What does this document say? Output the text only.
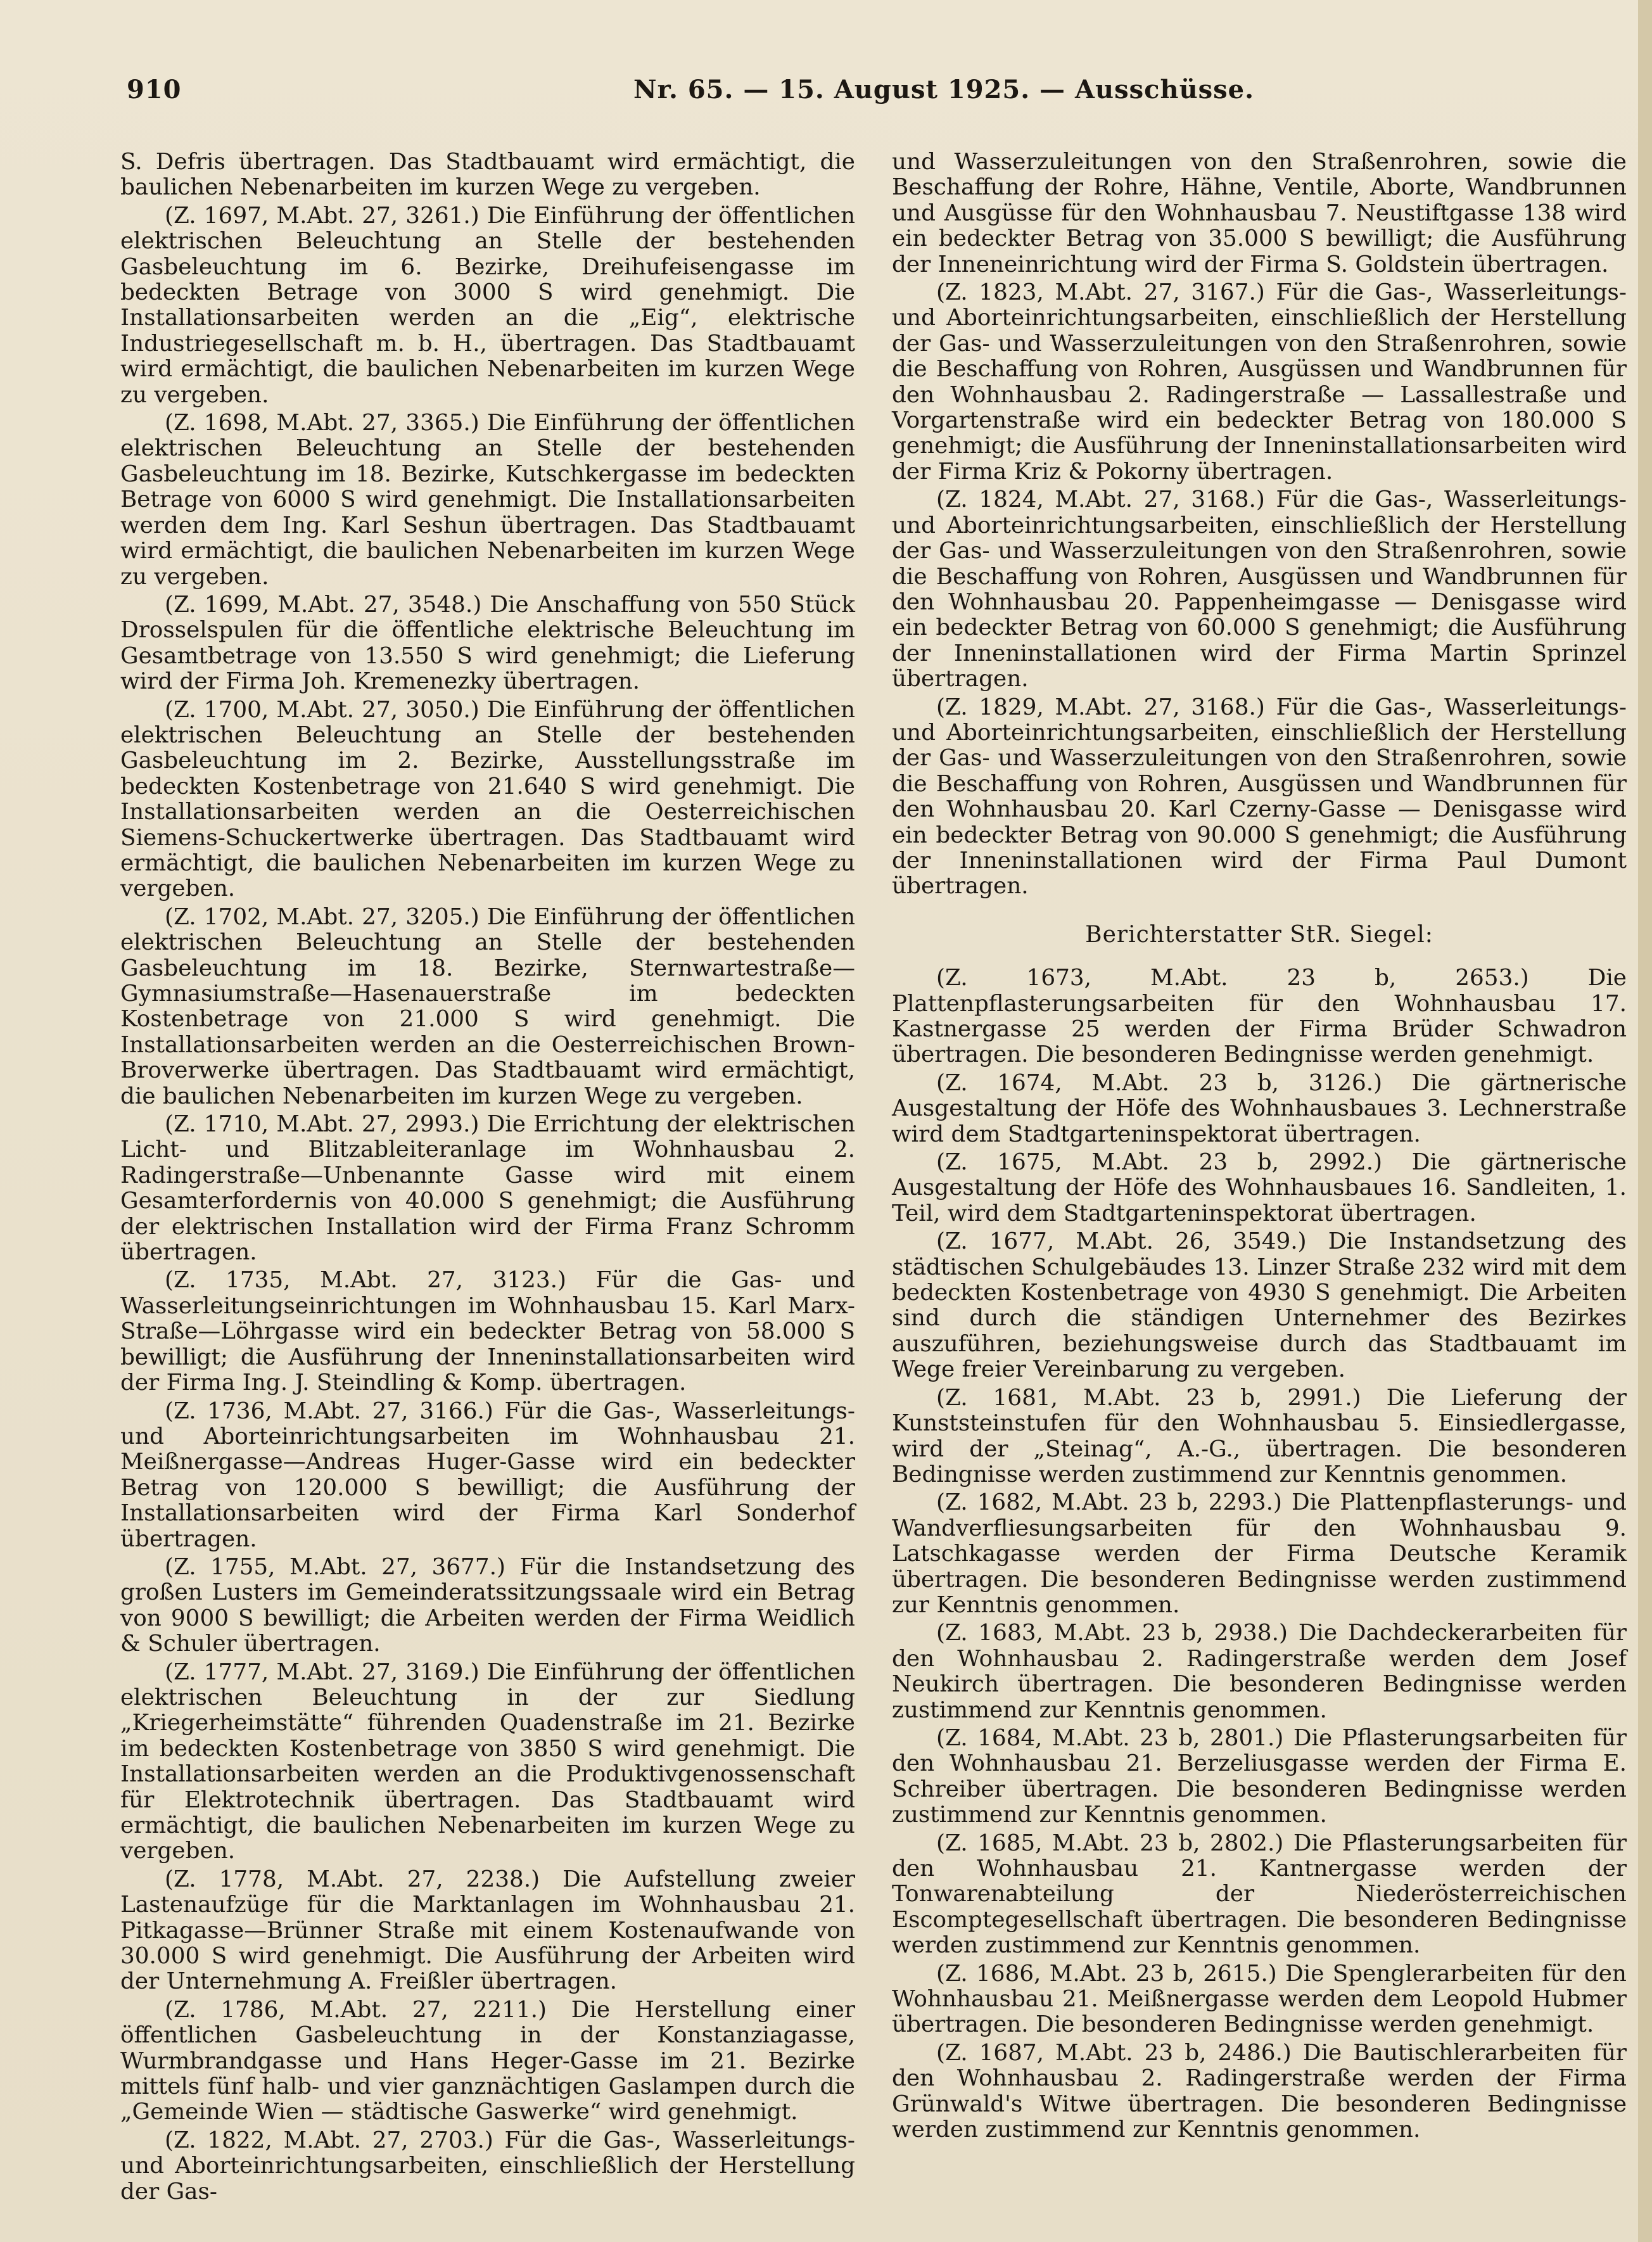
910	Nr. 65. — 15. August 1925. — Ausschüsse.

S. Defris übertragen. Das Stadtbauamt wird ermächtigt, die baulichen Nebenarbeiten im kurzen Wege zu vergeben.

(Z. 1697, M.Abt. 27, 3261.) Die Einführung der öffentlichen elektrischen Beleuchtung an Stelle der bestehenden Gasbeleuchtung im 6. Bezirke, Dreihufeisengasse im bedeckten Betrage von 3000 S wird genehmigt. Die Installationsarbeiten werden an die „Eig“, elektrische Industriegesellschaft m. b. H., übertragen. Das Stadtbauamt wird ermächtigt, die baulichen Nebenarbeiten im kurzen Wege zu vergeben.

(Z. 1698, M.Abt. 27, 3365.) Die Einführung der öffentlichen elektrischen Beleuchtung an Stelle der bestehenden Gasbeleuchtung im 18. Bezirke, Kutschkergasse im bedeckten Betrage von 6000 S wird genehmigt. Die Installationsarbeiten werden dem Ing. Karl Seshun übertragen. Das Stadtbauamt wird ermächtigt, die baulichen Nebenarbeiten im kurzen Wege zu vergeben.

(Z. 1699, M.Abt. 27, 3548.) Die Anschaffung von 550 Stück Drosselspulen für die öffentliche elektrische Beleuchtung im Gesamtbetrage von 13.550 S wird genehmigt; die Lieferung wird der Firma Joh. Kremenezky übertragen.

(Z. 1700, M.Abt. 27, 3050.) Die Einführung der öffentlichen elektrischen Beleuchtung an Stelle der bestehenden Gasbeleuchtung im 2. Bezirke, Ausstellungsstraße im bedeckten Kostenbetrage von 21.640 S wird genehmigt. Die Installationsarbeiten werden an die Oesterreichischen Siemens-Schuckertwerke übertragen. Das Stadtbauamt wird ermächtigt, die baulichen Nebenarbeiten im kurzen Wege zu vergeben.

(Z. 1702, M.Abt. 27, 3205.) Die Einführung der öffentlichen elektrischen Beleuchtung an Stelle der bestehenden Gasbeleuchtung im 18. Bezirke, Sternwartestraße—Gymnasiumstraße—Hasenauerstraße im bedeckten Kostenbetrage von 21.000 S wird genehmigt. Die Installationsarbeiten werden an die Oesterreichischen Brown-Broverwerke übertragen. Das Stadtbauamt wird ermächtigt, die baulichen Nebenarbeiten im kurzen Wege zu vergeben.

(Z. 1710, M.Abt. 27, 2993.) Die Errichtung der elektrischen Licht- und Blitzableiteranlage im Wohnhausbau 2. Radingerstraße—Unbenannte Gasse wird mit einem Gesamterfordernis von 40.000 S genehmigt; die Ausführung der elektrischen Installation wird der Firma Franz Schromm übertragen.

(Z. 1735, M.Abt. 27, 3123.) Für die Gas- und Wasserleitungseinrichtungen im Wohnhausbau 15. Karl Marx-Straße—Löhrgasse wird ein bedeckter Betrag von 58.000 S bewilligt; die Ausführung der Inneninstallationsarbeiten wird der Firma Ing. J. Steindling & Komp. übertragen.

(Z. 1736, M.Abt. 27, 3166.) Für die Gas-, Wasserleitungs- und Aborteinrichtungsarbeiten im Wohnhausbau 21. Meißnergasse—Andreas Huger-Gasse wird ein bedeckter Betrag von 120.000 S bewilligt; die Ausführung der Installationsarbeiten wird der Firma Karl Sonderhof übertragen.

(Z. 1755, M.Abt. 27, 3677.) Für die Instandsetzung des großen Lusters im Gemeinderatssitzungssaale wird ein Betrag von 9000 S bewilligt; die Arbeiten werden der Firma Weidlich & Schuler übertragen.

(Z. 1777, M.Abt. 27, 3169.) Die Einführung der öffentlichen elektrischen Beleuchtung in der zur Siedlung „Kriegerheimstätte“ führenden Quadenstraße im 21. Bezirke im bedeckten Kostenbetrage von 3850 S wird genehmigt. Die Installationsarbeiten werden an die Produktivgenossenschaft für Elektrotechnik übertragen. Das Stadtbauamt wird ermächtigt, die baulichen Nebenarbeiten im kurzen Wege zu vergeben.

(Z. 1778, M.Abt. 27, 2238.) Die Aufstellung zweier Lastenaufzüge für die Marktanlagen im Wohnhausbau 21. Pitkagasse—Brünner Straße mit einem Kostenaufwande von 30.000 S wird genehmigt. Die Ausführung der Arbeiten wird der Unternehmung A. Freißler übertragen.

(Z. 1786, M.Abt. 27, 2211.) Die Herstellung einer öffentlichen Gasbeleuchtung in der Konstanziagasse, Wurmbrandgasse und Hans Heger-Gasse im 21. Bezirke mittels fünf halb- und vier ganznächtigen Gaslampen durch die „Gemeinde Wien — städtische Gaswerke“ wird genehmigt.

(Z. 1822, M.Abt. 27, 2703.) Für die Gas-, Wasserleitungs- und Aborteinrichtungsarbeiten, einschließlich der Herstellung der Gas-

und Wasserzuleitungen von den Straßenrohren, sowie die Beschaffung der Rohre, Hähne, Ventile, Aborte, Wandbrunnen und Ausgüsse für den Wohnhausbau 7. Neustiftgasse 138 wird ein bedeckter Betrag von 35.000 S bewilligt; die Ausführung der Inneneinrichtung wird der Firma S. Goldstein übertragen.

(Z. 1823, M.Abt. 27, 3167.) Für die Gas-, Wasserleitungs- und Aborteinrichtungsarbeiten, einschließlich der Herstellung der Gas- und Wasserzuleitungen von den Straßenrohren, sowie die Beschaffung von Rohren, Ausgüssen und Wandbrunnen für den Wohnhausbau 2. Radingerstraße — Lassallestraße und Vorgartenstraße wird ein bedeckter Betrag von 180.000 S genehmigt; die Ausführung der Inneninstallationsarbeiten wird der Firma Kriz & Pokorny übertragen.

(Z. 1824, M.Abt. 27, 3168.) Für die Gas-, Wasserleitungs- und Aborteinrichtungsarbeiten, einschließlich der Herstellung der Gas- und Wasserzuleitungen von den Straßenrohren, sowie die Beschaffung von Rohren, Ausgüssen und Wandbrunnen für den Wohnhausbau 20. Pappenheimgasse — Denisgasse wird ein bedeckter Betrag von 60.000 S genehmigt; die Ausführung der Inneninstallationen wird der Firma Martin Sprinzel übertragen.

(Z. 1829, M.Abt. 27, 3168.) Für die Gas-, Wasserleitungs- und Aborteinrichtungsarbeiten, einschließlich der Herstellung der Gas- und Wasserzuleitungen von den Straßenrohren, sowie die Beschaffung von Rohren, Ausgüssen und Wandbrunnen für den Wohnhausbau 20. Karl Czerny-Gasse — Denisgasse wird ein bedeckter Betrag von 90.000 S genehmigt; die Ausführung der Inneninstallationen wird der Firma Paul Dumont übertragen.

Berichterstatter StR. Siegel:

(Z. 1673, M.Abt. 23 b, 2653.) Die Plattenpflasterungsarbeiten für den Wohnhausbau 17. Kastnergasse 25 werden der Firma Brüder Schwadron übertragen. Die besonderen Bedingnisse werden genehmigt.

(Z. 1674, M.Abt. 23 b, 3126.) Die gärtnerische Ausgestaltung der Höfe des Wohnhausbaues 3. Lechnerstraße wird dem Stadtgarteninspektorat übertragen.

(Z. 1675, M.Abt. 23 b, 2992.) Die gärtnerische Ausgestaltung der Höfe des Wohnhausbaues 16. Sandleiten, 1. Teil, wird dem Stadtgarteninspektorat übertragen.

(Z. 1677, M.Abt. 26, 3549.) Die Instandsetzung des städtischen Schulgebäudes 13. Linzer Straße 232 wird mit dem bedeckten Kostenbetrage von 4930 S genehmigt. Die Arbeiten sind durch die ständigen Unternehmer des Bezirkes auszuführen, beziehungsweise durch das Stadtbauamt im Wege freier Vereinbarung zu vergeben.

(Z. 1681, M.Abt. 23 b, 2991.) Die Lieferung der Kunststeinstufen für den Wohnhausbau 5. Einsiedlergasse, wird der „Steinag“, A.-G., übertragen. Die besonderen Bedingnisse werden zustimmend zur Kenntnis genommen.

(Z. 1682, M.Abt. 23 b, 2293.) Die Plattenpflasterungs- und Wandverfliesungsarbeiten für den Wohnhausbau 9. Latschkagasse werden der Firma Deutsche Keramik übertragen. Die besonderen Bedingnisse werden zustimmend zur Kenntnis genommen.

(Z. 1683, M.Abt. 23 b, 2938.) Die Dachdeckerarbeiten für den Wohnhausbau 2. Radingerstraße werden dem Josef Neukirch übertragen. Die besonderen Bedingnisse werden zustimmend zur Kenntnis genommen.

(Z. 1684, M.Abt. 23 b, 2801.) Die Pflasterungsarbeiten für den Wohnhausbau 21. Berzeliusgasse werden der Firma E. Schreiber übertragen. Die besonderen Bedingnisse werden zustimmend zur Kenntnis genommen.

(Z. 1685, M.Abt. 23 b, 2802.) Die Pflasterungsarbeiten für den Wohnhausbau 21. Kantnergasse werden der Tonwarenabteilung der Niederösterreichischen Escomptegesellschaft übertragen. Die besonderen Bedingnisse werden zustimmend zur Kenntnis genommen.

(Z. 1686, M.Abt. 23 b, 2615.) Die Spenglerarbeiten für den Wohnhausbau 21. Meißnergasse werden dem Leopold Hubmer übertragen. Die besonderen Bedingnisse werden genehmigt.

(Z. 1687, M.Abt. 23 b, 2486.) Die Bautischlerarbeiten für den Wohnhausbau 2. Radingerstraße werden der Firma Grünwald's Witwe übertragen. Die besonderen Bedingnisse werden zustimmend zur Kenntnis genommen.
